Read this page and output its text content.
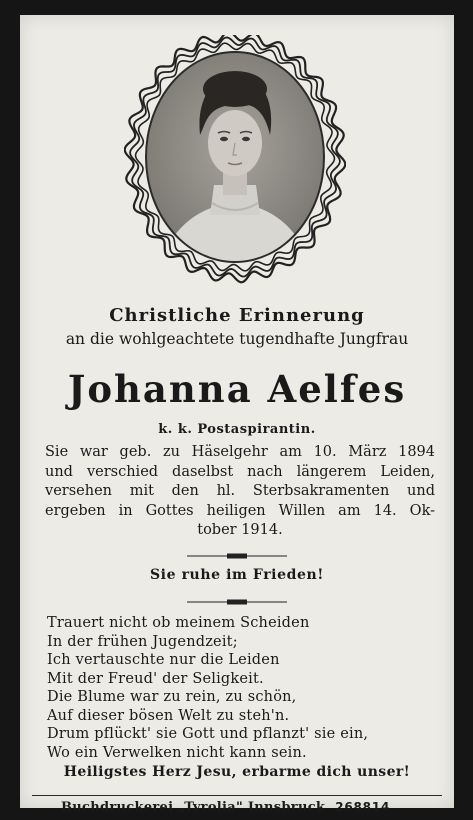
Christliche Erinnerung
an die wohlgeachtete tugendhafte Jungfrau
Johanna Aelfes
k. k. Postaspirantin.
Sie war geb. zu Häselgehr am 10. März 1894
und verschied daselbst nach längerem Leiden,
versehen mit den hl. Sterbsakramenten und
ergeben in Gottes heiligen Willen am 14. Ok-
tober 1914.
Sie ruhe im Frieden!
Trauert nicht ob meinem Scheiden
In der frühen Jugendzeit;
Ich vertauschte nur die Leiden
Mit der Freud' der Seligkeit.
Die Blume war zu rein, zu schön,
Auf dieser bösen Welt zu steh'n.
Drum pflückt' sie Gott und pflanzt' sie ein,
Wo ein Verwelken nicht kann sein.
Heiligstes Herz Jesu, erbarme dich unser!
Buchdruckerei „Tyrolia" Innsbruck 268814
